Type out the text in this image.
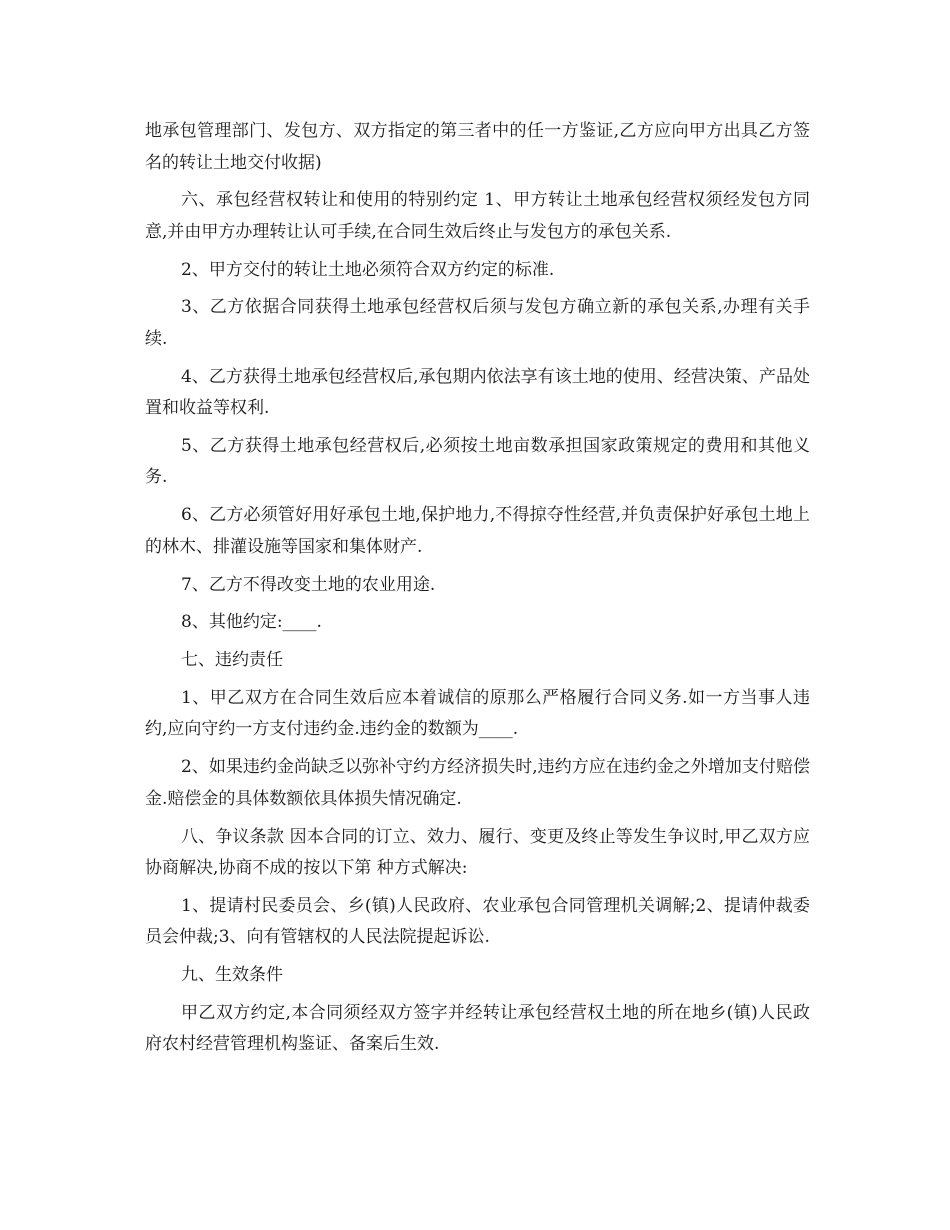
地承包管理部门、发包方、双方指定的第三者中的任一方鉴证,乙方应向甲方出具乙方签名的转让土地交付收据)

六、承包经营权转让和使用的特别约定 1、甲方转让土地承包经营权须经发包方同意,并由甲方办理转让认可手续,在合同生效后终止与发包方的承包关系.

2、甲方交付的转让土地必须符合双方约定的标准.

3、乙方依据合同获得土地承包经营权后须与发包方确立新的承包关系,办理有关手续.

4、乙方获得土地承包经营权后,承包期内依法享有该土地的使用、经营决策、产品处置和收益等权利.

5、乙方获得土地承包经营权后,必须按土地亩数承担国家政策规定的费用和其他义务.

6、乙方必须管好用好承包土地,保护地力,不得掠夺性经营,并负责保护好承包土地上的林木、排灌设施等国家和集体财产.

7、乙方不得改变土地的农业用途.

8、其他约定:____.

七、违约责任

1、甲乙双方在合同生效后应本着诚信的原那么严格履行合同义务.如一方当事人违约,应向守约一方支付违约金.违约金的数额为____.

2、如果违约金尚缺乏以弥补守约方经济损失时,违约方应在违约金之外增加支付赔偿金.赔偿金的具体数额依具体损失情况确定.

八、争议条款 因本合同的订立、效力、履行、变更及终止等发生争议时,甲乙双方应协商解决,协商不成的按以下第 种方式解决:

1、提请村民委员会、乡(镇)人民政府、农业承包合同管理机关调解;2、提请仲裁委员会仲裁;3、向有管辖权的人民法院提起诉讼.

九、生效条件

甲乙双方约定,本合同须经双方签字并经转让承包经营权土地的所在地乡(镇)人民政府农村经营管理机构鉴证、备案后生效.
